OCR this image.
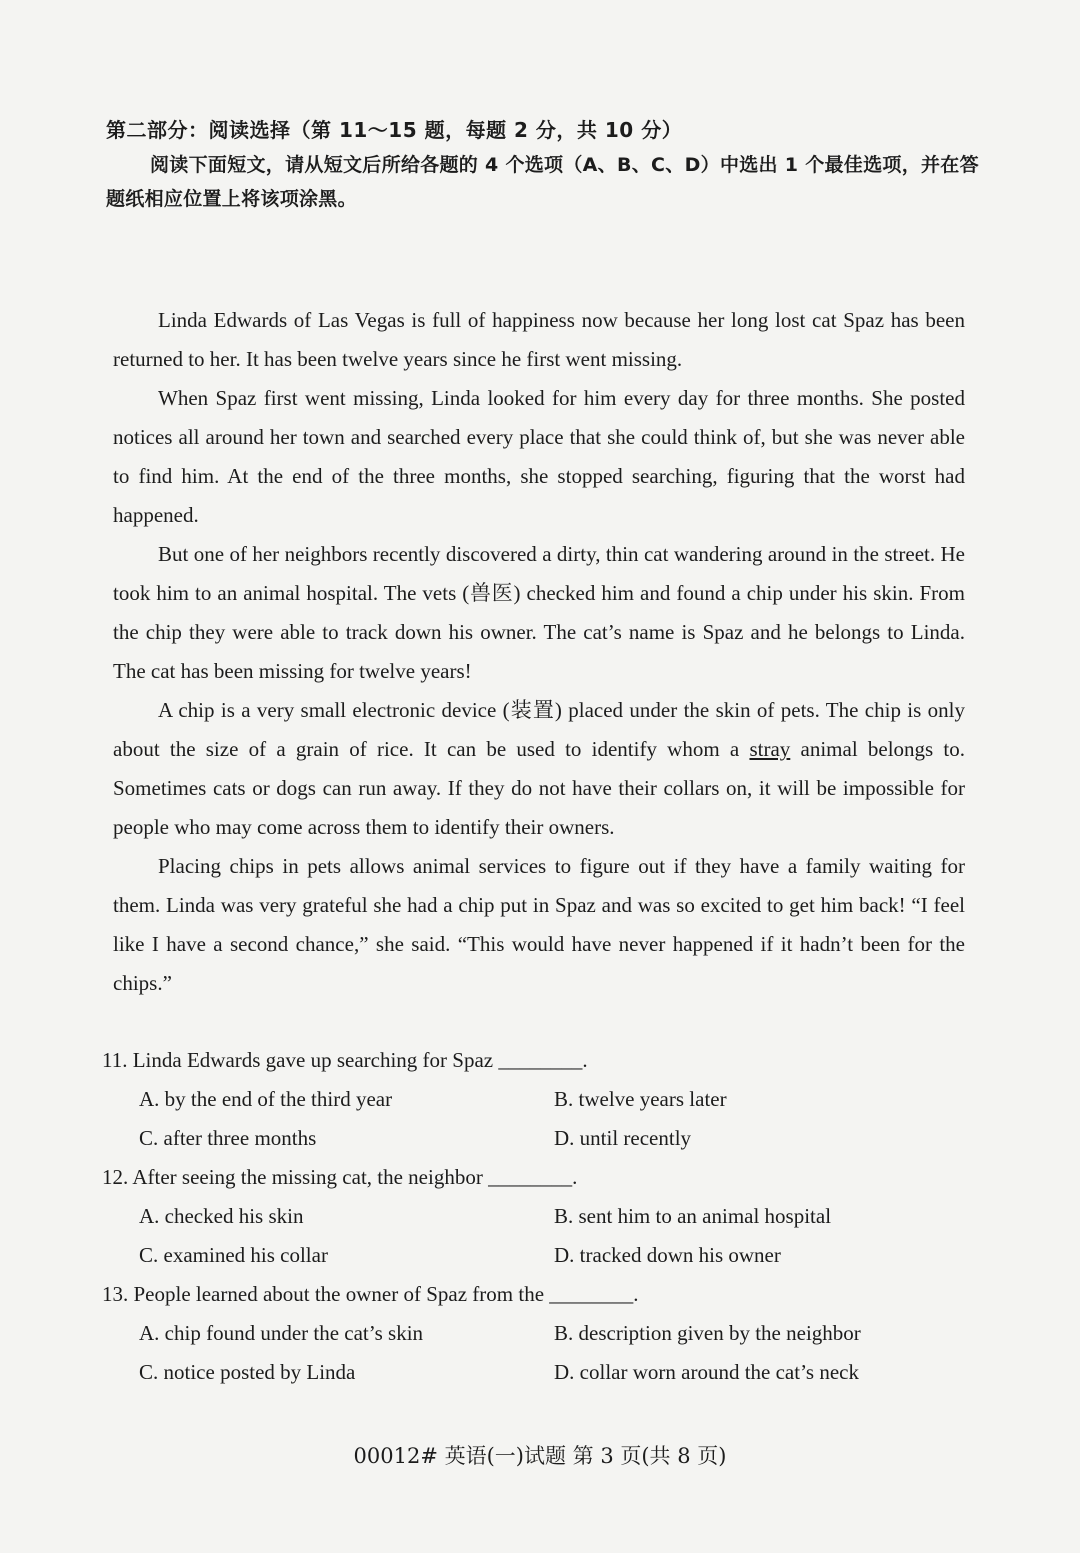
第二部分：阅读选择（第 11～15 题，每题 2 分，共 10 分）
阅读下面短文，请从短文后所给各题的 4 个选项（A、B、C、D）中选出 1 个最佳选项，并在答题纸相应位置上将该项涂黑。

Linda Edwards of Las Vegas is full of happiness now because her long lost cat Spaz has been returned to her. It has been twelve years since he first went missing.

When Spaz first went missing, Linda looked for him every day for three months. She posted notices all around her town and searched every place that she could think of, but she was never able to find him. At the end of the three months, she stopped searching, figuring that the worst had happened.

But one of her neighbors recently discovered a dirty, thin cat wandering around in the street. He took him to an animal hospital. The vets (兽医) checked him and found a chip under his skin. From the chip they were able to track down his owner. The cat’s name is Spaz and he belongs to Linda. The cat has been missing for twelve years!

A chip is a very small electronic device (装置) placed under the skin of pets. The chip is only about the size of a grain of rice. It can be used to identify whom a stray animal belongs to. Sometimes cats or dogs can run away. If they do not have their collars on, it will be impossible for people who may come across them to identify their owners.

Placing chips in pets allows animal services to figure out if they have a family waiting for them. Linda was very grateful she had a chip put in Spaz and was so excited to get him back! “I feel like I have a second chance,” she said. “This would have never happened if it hadn’t been for the chips.”

11. Linda Edwards gave up searching for Spaz ________.

A. by the end of the third year	B. twelve years later
C. after three months	D. until recently

12. After seeing the missing cat, the neighbor ________.

A. checked his skin	B. sent him to an animal hospital
C. examined his collar	D. tracked down his owner

13. People learned about the owner of Spaz from the ________.

A. chip found under the cat’s skin	B. description given by the neighbor
C. notice posted by Linda	D. collar worn around the cat’s neck
00012# 英语(一)试题 第 3 页(共 8 页)
